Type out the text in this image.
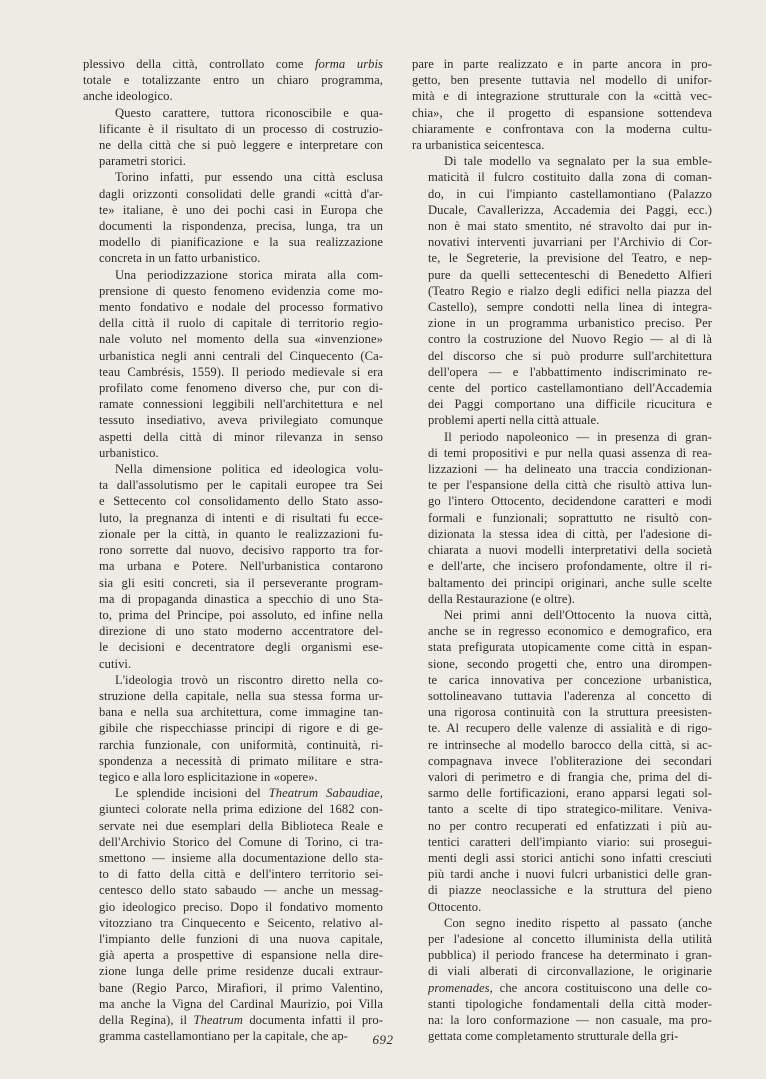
plessivo della città, controllato come forma urbis
totale e totalizzante entro un chiaro programma,
anche ideologico.

Questo carattere, tuttora riconoscibile e qua-
lificante è il risultato di un processo di costruzio-
ne della città che si può leggere e interpretare con
parametri storici.

Torino infatti, pur essendo una città esclusa
dagli orizzonti consolidati delle grandi «città d'ar-
te» italiane, è uno dei pochi casi in Europa che
documenti la rispondenza, precisa, lunga, tra un
modello di pianificazione e la sua realizzazione
concreta in un fatto urbanistico.

Una periodizzazione storica mirata alla com-
prensione di questo fenomeno evidenzia come mo-
mento fondativo e nodale del processo formativo
della città il ruolo di capitale di territorio regio-
nale voluto nel momento della sua «invenzione»
urbanistica negli anni centrali del Cinquecento (Ca-
teau Cambrésis, 1559). Il periodo medievale si era
profilato come fenomeno diverso che, pur con di-
ramate connessioni leggibili nell'architettura e nel
tessuto insediativo, aveva privilegiato comunque
aspetti della città di minor rilevanza in senso
urbanistico.

Nella dimensione politica ed ideologica volu-
ta dall'assolutismo per le capitali europee tra Sei
e Settecento col consolidamento dello Stato asso-
luto, la pregnanza di intenti e di risultati fu ecce-
zionale per la città, in quanto le realizzazioni fu-
rono sorrette dal nuovo, decisivo rapporto tra for-
ma urbana e Potere. Nell'urbanistica contarono
sia gli esiti concreti, sia il perseverante program-
ma di propaganda dinastica a specchio di uno Sta-
to, prima del Principe, poi assoluto, ed infine nella
direzione di uno stato moderno accentratore del-
le decisioni e decentratore degli organismi ese-
cutivi.

L'ideologia trovò un riscontro diretto nella co-
struzione della capitale, nella sua stessa forma ur-
bana e nella sua architettura, come immagine tan-
gibile che rispecchiasse principi di rigore e di ge-
rarchia funzionale, con uniformità, continuità, ri-
spondenza a necessità di primato militare e stra-
tegico e alla loro esplicitazione in «opere».

Le splendide incisioni del Theatrum Sabaudiae,
giunteci colorate nella prima edizione del 1682 con-
servate nei due esemplari della Biblioteca Reale e
dell'Archivio Storico del Comune di Torino, ci tra-
smettono — insieme alla documentazione dello sta-
to di fatto della città e dell'intero territorio sei-
centesco dello stato sabaudo — anche un messag-
gio ideologico preciso. Dopo il fondativo momento
vitozziano tra Cinquecento e Seicento, relativo al-
l'impianto delle funzioni di una nuova capitale,
già aperta a prospettive di espansione nella dire-
zione lunga delle prime residenze ducali extraur-
bane (Regio Parco, Mirafiori, il primo Valentino,
ma anche la Vigna del Cardinal Maurizio, poi Villa
della Regina), il Theatrum documenta infatti il pro-
gramma castellamontiano per la capitale, che ap-

pare in parte realizzato e in parte ancora in pro-
getto, ben presente tuttavia nel modello di unifor-
mità e di integrazione strutturale con la «città vec-
chia», che il progetto di espansione sottendeva
chiaramente e confrontava con la moderna cultu-
ra urbanistica seicentesca.

Di tale modello va segnalato per la sua emble-
maticità il fulcro costituito dalla zona di coman-
do, in cui l'impianto castellamontiano (Palazzo
Ducale, Cavallerizza, Accademia dei Paggi, ecc.)
non è mai stato smentito, né stravolto dai pur in-
novativi interventi juvarriani per l'Archivio di Cor-
te, le Segreterie, la previsione del Teatro, e nep-
pure da quelli settecenteschi di Benedetto Alfieri
(Teatro Regio e rialzo degli edifici nella piazza del
Castello), sempre condotti nella linea di integra-
zione in un programma urbanistico preciso. Per
contro la costruzione del Nuovo Regio — al di là
del discorso che si può produrre sull'architettura
dell'opera — e l'abbattimento indiscriminato re-
cente del portico castellamontiano dell'Accademia
dei Paggi comportano una difficile ricucitura e
problemi aperti nella città attuale.

Il periodo napoleonico — in presenza di gran-
di temi propositivi e pur nella quasi assenza di rea-
lizzazioni — ha delineato una traccia condizionan-
te per l'espansione della città che risultò attiva lun-
go l'intero Ottocento, decidendone caratteri e modi
formali e funzionali; soprattutto ne risultò con-
dizionata la stessa idea di città, per l'adesione di-
chiarata a nuovi modelli interpretativi della società
e dell'arte, che incisero profondamente, oltre il ri-
baltamento dei principi originari, anche sulle scelte
della Restaurazione (e oltre).

Nei primi anni dell'Ottocento la nuova città,
anche se in regresso economico e demografico, era
stata prefigurata utopicamente come città in espan-
sione, secondo progetti che, entro una dirompen-
te carica innovativa per concezione urbanistica,
sottolineavano tuttavia l'aderenza al concetto di
una rigorosa continuità con la struttura preesisten-
te. Al recupero delle valenze di assialità e di rigo-
re intrinseche al modello barocco della città, si ac-
compagnava invece l'obliterazione dei secondari
valori di perimetro e di frangia che, prima del di-
sarmo delle fortificazioni, erano apparsi legati sol-
tanto a scelte di tipo strategico-militare. Veniva-
no per contro recuperati ed enfatizzati i più au-
tentici caratteri dell'impianto viario: sui prosegui-
menti degli assi storici antichi sono infatti cresciuti
più tardi anche i nuovi fulcri urbanistici delle gran-
di piazze neoclassiche e la struttura del pieno
Ottocento.

Con segno inedito rispetto al passato (anche
per l'adesione al concetto illuminista della utilità
pubblica) il periodo francese ha determinato i gran-
di viali alberati di circonvallazione, le originarie
promenades, che ancora costituiscono una delle co-
stanti tipologiche fondamentali della città moder-
na: la loro conformazione — non casuale, ma pro-
gettata come completamento strutturale della gri-

692
